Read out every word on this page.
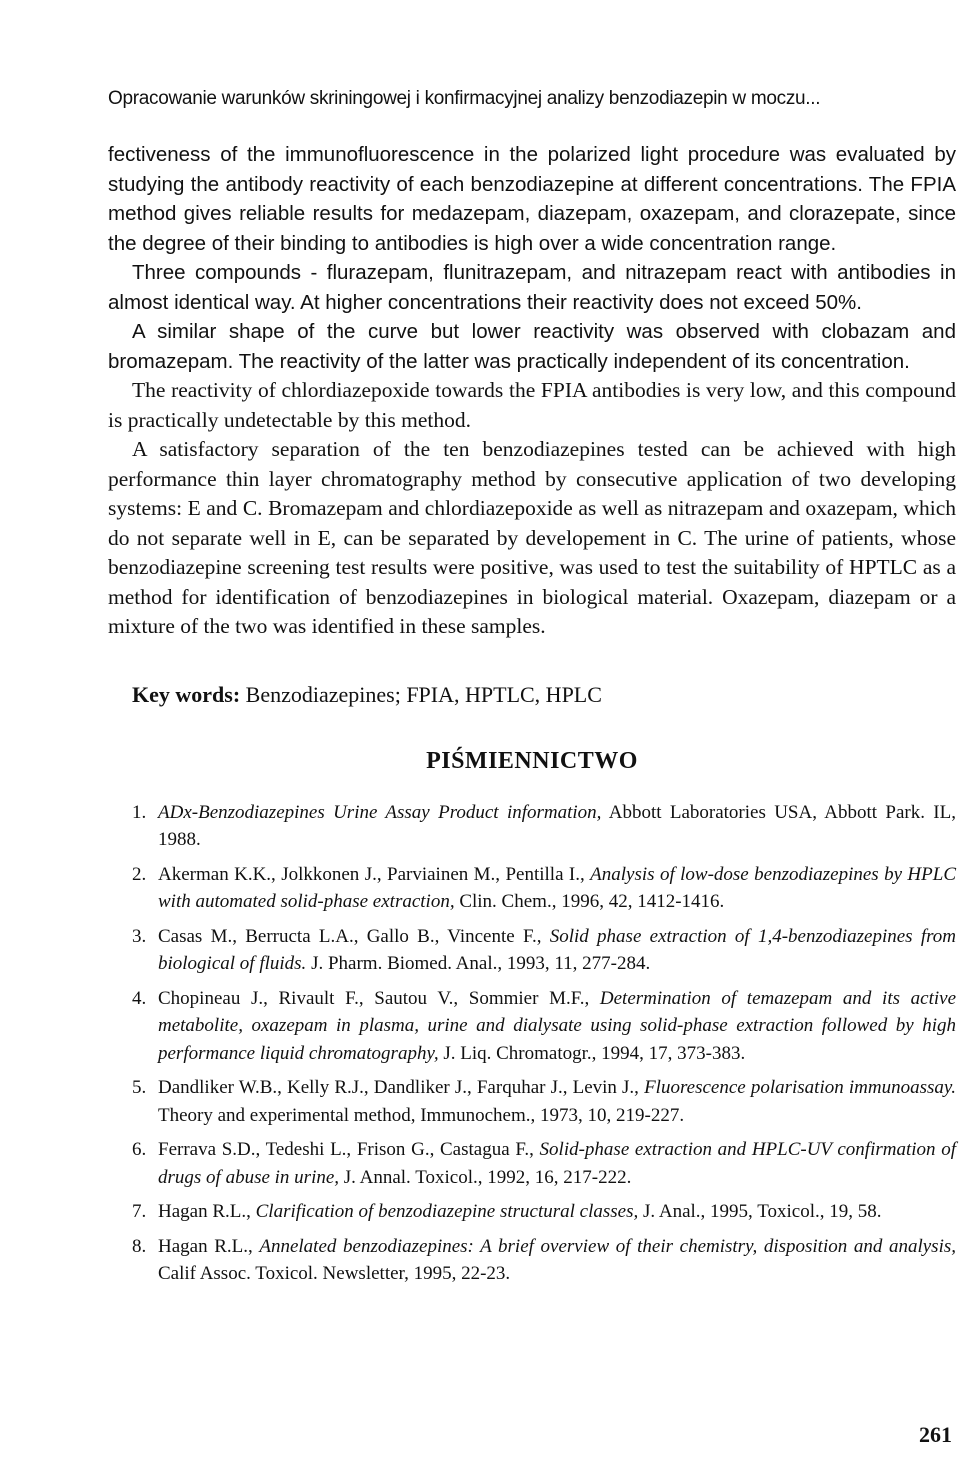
Opracowanie warunków skriningowej i konfirmacyjnej analizy benzodiazepin w moczu...

fectiveness of the immunofluorescence in the polarized light procedure was evaluated by studying the antibody reactivity of each benzodiazepine at different concentrations. The FPIA method gives reliable results for medazepam, diazepam, oxazepam, and clorazepate, since the degree of their binding to antibodies is high over a wide concentration range.

Three compounds - flurazepam, flunitrazepam, and nitrazepam react with antibodies in almost identical way. At higher concentrations their reactivity does not exceed 50%.

A similar shape of the curve but lower reactivity was observed with clobazam and bromazepam. The reactivity of the latter was practically independent of its concentration.

The reactivity of chlordiazepoxide towards the FPIA antibodies is very low, and this compound is practically undetectable by this method.

A satisfactory separation of the ten benzodiazepines tested can be achieved with high performance thin layer chromatography method by consecutive application of two developing systems: E and C. Bromazepam and chlordiazepoxide as well as nitrazepam and oxazepam, which do not separate well in E, can be separated by developement in C. The urine of patients, whose benzodiazepine screening test results were positive, was used to test the suitability of HPTLC as a method for identification of benzodiazepines in biological material. Oxazepam, diazepam or a mixture of the two was identified in these samples.

Key words: Benzodiazepines; FPIA, HPTLC, HPLC

PIŚMIENNICTWO
1. ADx-Benzodiazepines Urine Assay Product information, Abbott Laboratories USA, Abbott Park. IL, 1988.
2. Akerman K.K., Jolkkonen J., Parviainen M., Pentilla I., Analysis of low-dose benzodiazepines by HPLC with automated solid-phase extraction, Clin. Chem., 1996, 42, 1412-1416.
3. Casas M., Berructa L.A., Gallo B., Vincente F., Solid phase extraction of 1,4-benzodiazepines from biological of fluids. J. Pharm. Biomed. Anal., 1993, 11, 277-284.
4. Chopineau J., Rivault F., Sautou V., Sommier M.F., Determination of temazepam and its active metabolite, oxazepam in plasma, urine and dialysate using solid-phase extraction followed by high performance liquid chromatography, J. Liq. Chromatogr., 1994, 17, 373-383.
5. Dandliker W.B., Kelly R.J., Dandliker J., Farquhar J., Levin J., Fluorescence polarisation immunoassay. Theory and experimental method, Immunochem., 1973, 10, 219-227.
6. Ferrava S.D., Tedeshi L., Frison G., Castagua F., Solid-phase extraction and HPLC-UV confirmation of drugs of abuse in urine, J. Annal. Toxicol., 1992, 16, 217-222.
7. Hagan R.L., Clarification of benzodiazepine structural classes, J. Anal., 1995, Toxicol., 19, 58.
8. Hagan R.L., Annelated benzodiazepines: A brief overview of their chemistry, disposition and analysis, Calif Assoc. Toxicol. Newsletter, 1995, 22-23.
261
